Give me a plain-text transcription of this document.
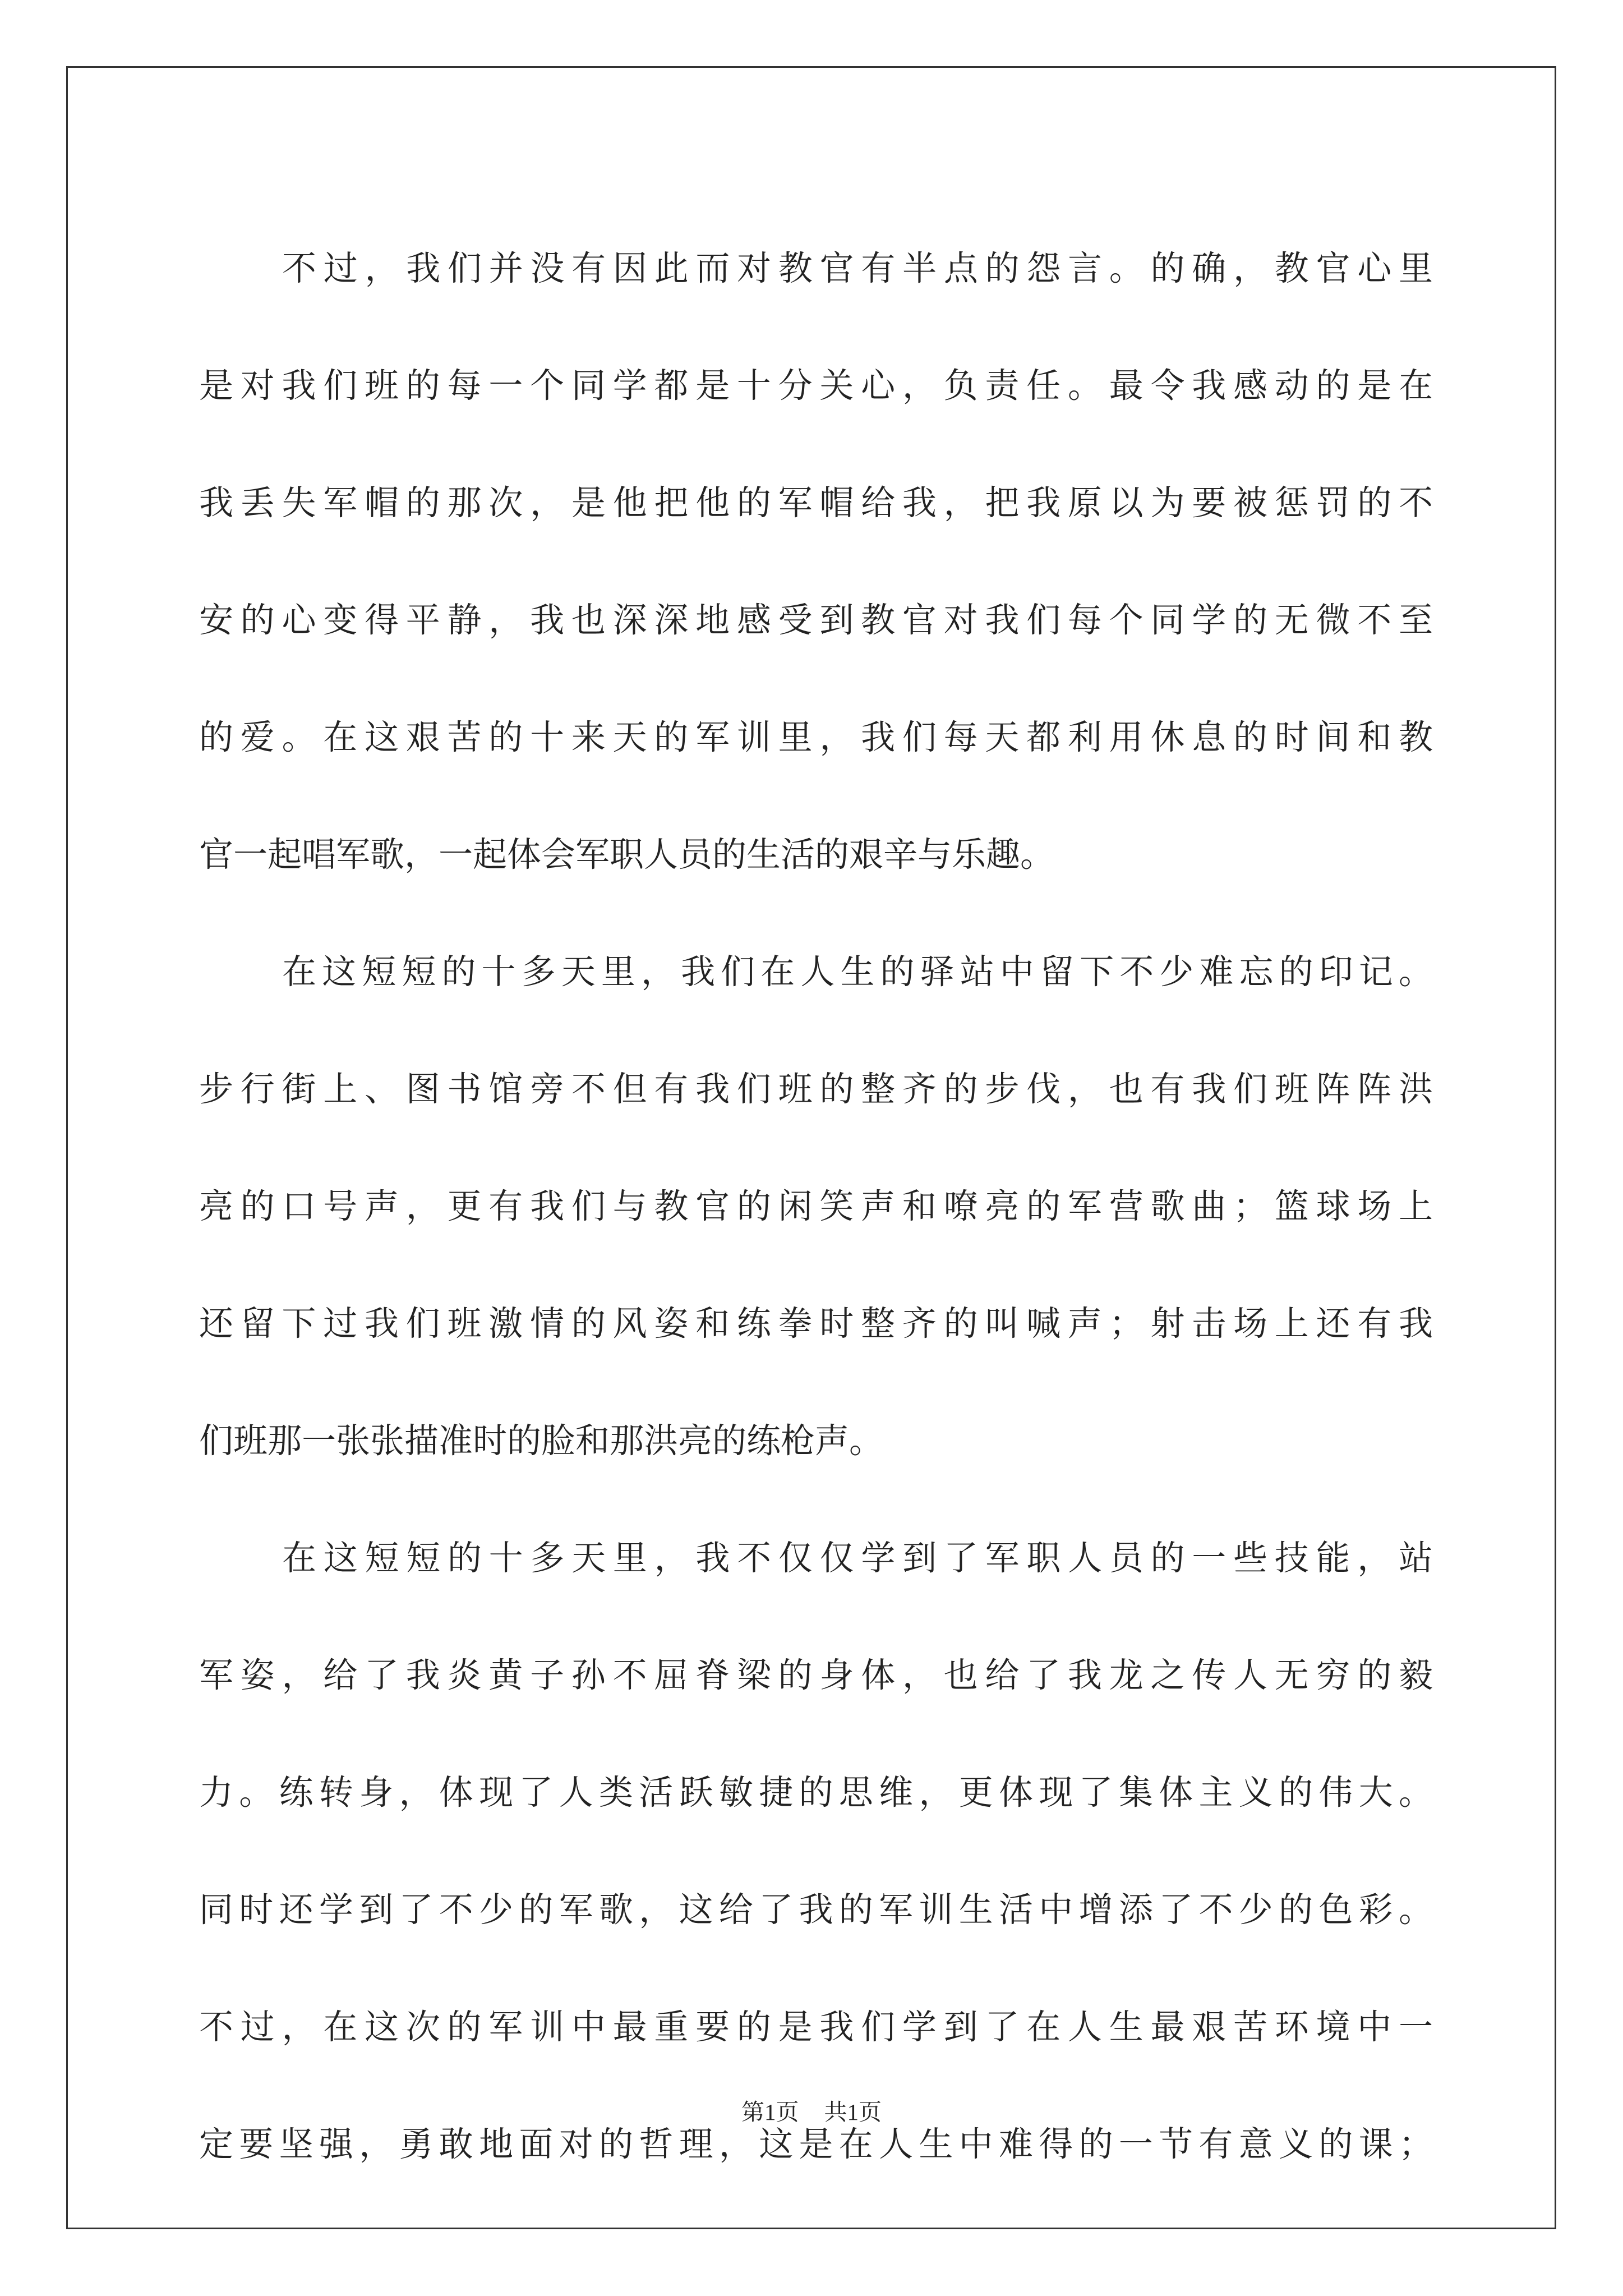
不过，我们并没有因此而对教官有半点的怨言。的确，教官心里
是对我们班的每一个同学都是十分关心，负责任。最令我感动的是在
我丢失军帽的那次，是他把他的军帽给我，把我原以为要被惩罚的不
安的心变得平静，我也深深地感受到教官对我们每个同学的无微不至
的爱。在这艰苦的十来天的军训里，我们每天都利用休息的时间和教
官一起唱军歌，一起体会军职人员的生活的艰辛与乐趣。
在这短短的十多天里，我们在人生的驿站中留下不少难忘的印记。
步行街上、图书馆旁不但有我们班的整齐的步伐，也有我们班阵阵洪
亮的口号声，更有我们与教官的闲笑声和嘹亮的军营歌曲；篮球场上
还留下过我们班激情的风姿和练拳时整齐的叫喊声；射击场上还有我
们班那一张张描准时的脸和那洪亮的练枪声。
在这短短的十多天里，我不仅仅学到了军职人员的一些技能，站
军姿，给了我炎黄子孙不屈脊梁的身体，也给了我龙之传人无穷的毅
力。练转身，体现了人类活跃敏捷的思维，更体现了集体主义的伟大。
同时还学到了不少的军歌，这给了我的军训生活中增添了不少的色彩。
不过，在这次的军训中最重要的是我们学到了在人生最艰苦环境中一
定要坚强，勇敢地面对的哲理，这是在人生中难得的一节有意义的课；
第1页 共1页
